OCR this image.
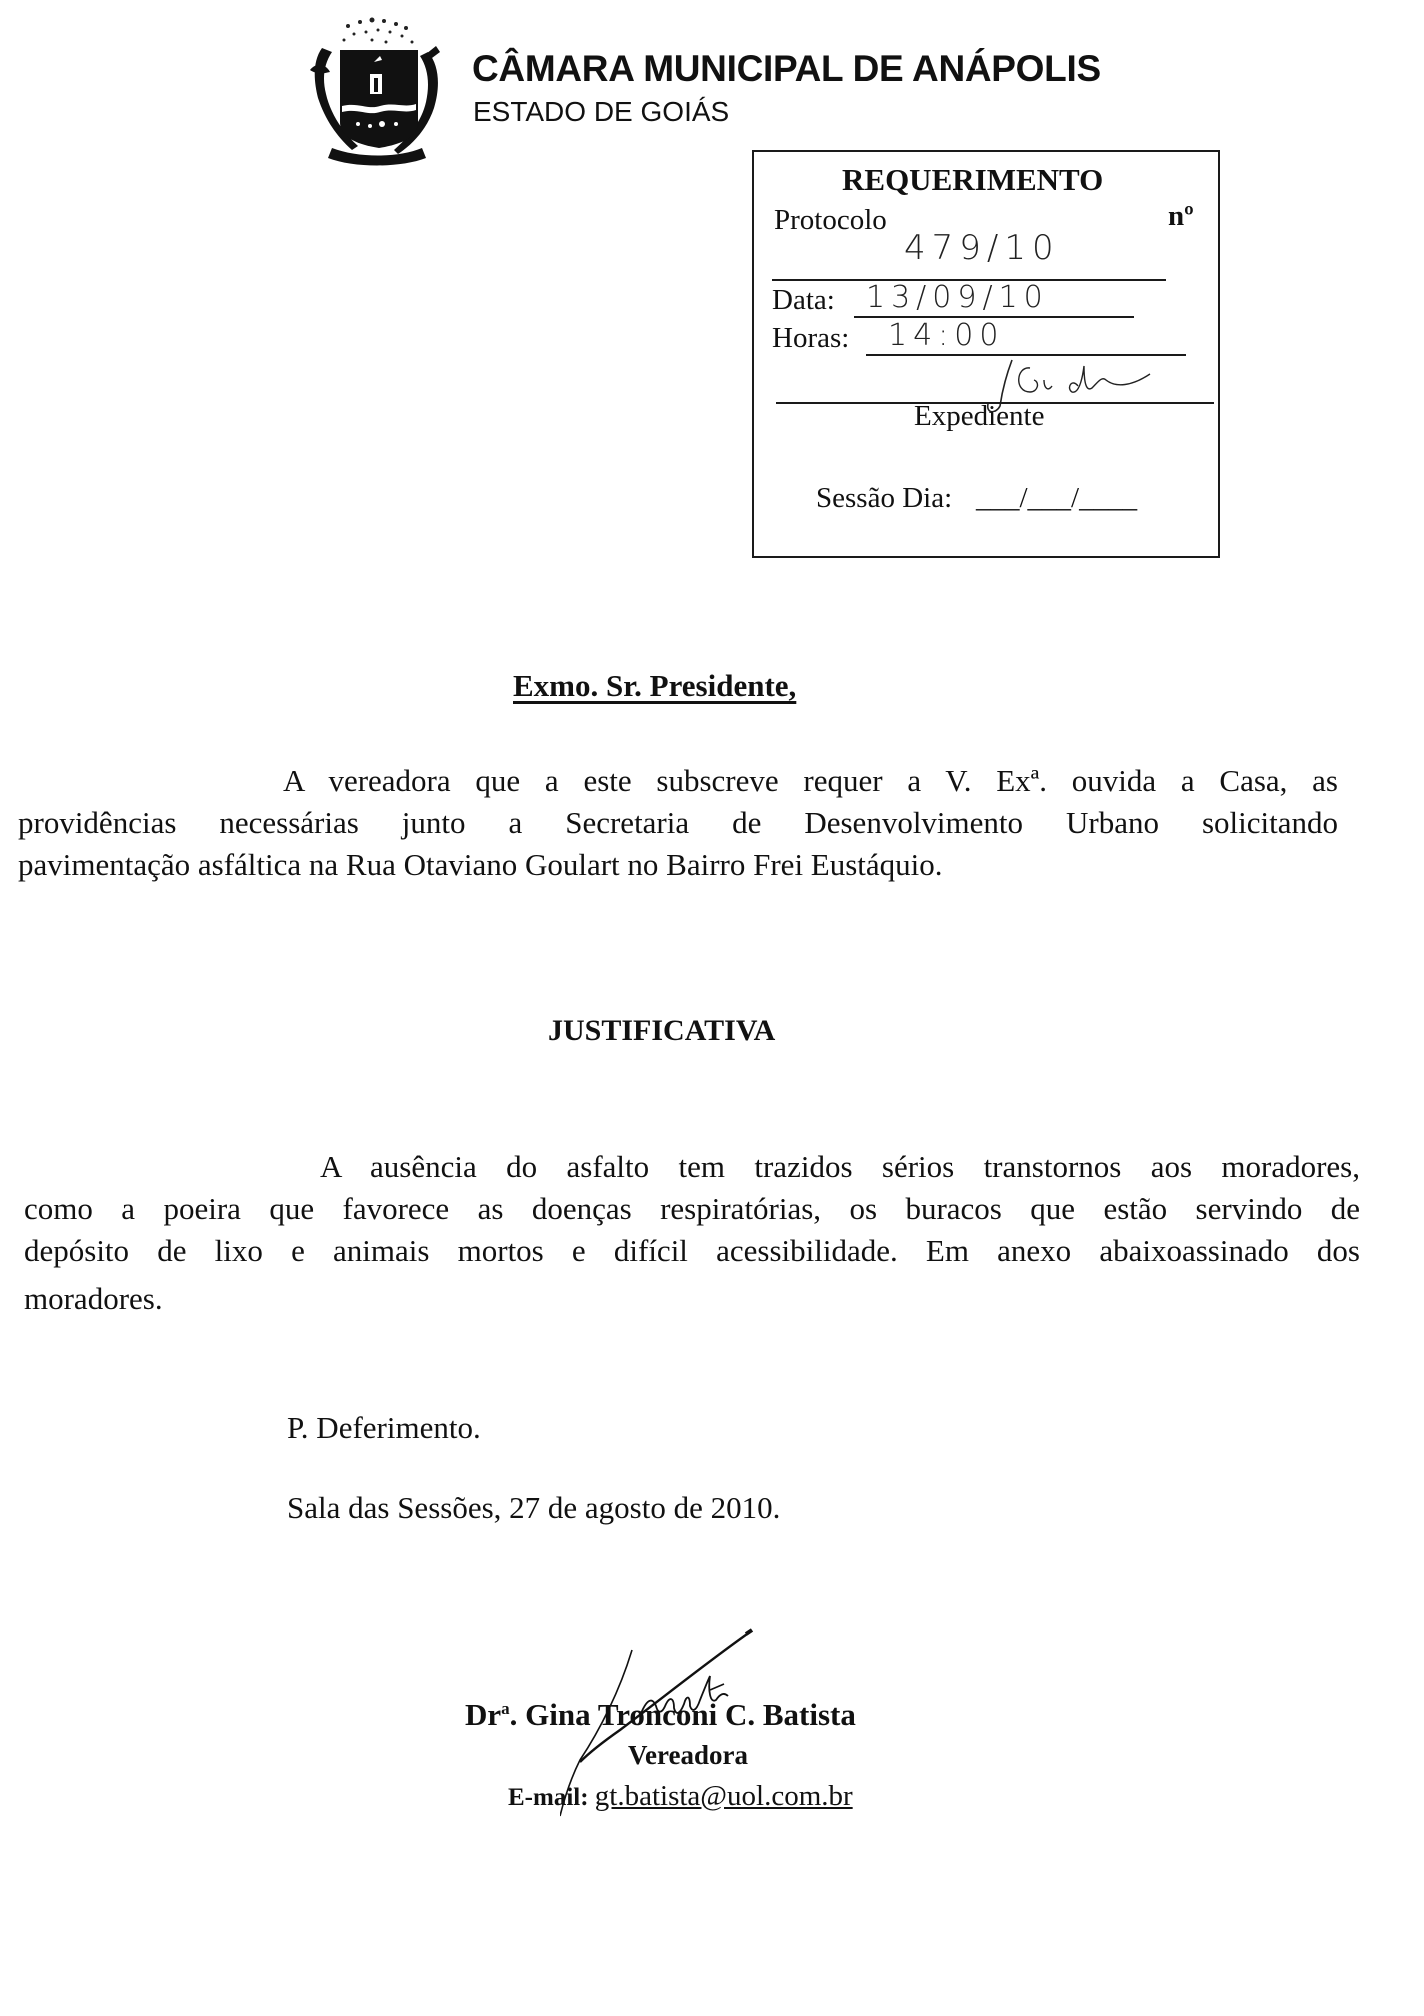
CÂMARA MUNICIPAL DE ANÁPOLIS
ESTADO DE GOIÁS
REQUERIMENTO
Protocolo	nº
479/10
Data: 13/09/10
Horas: 14:00
Expediente
Sessão Dia: ___/___/____
Exmo. Sr. Presidente,
A vereadora que a este subscreve requer a V. Exª. ouvida a Casa, as
providências necessárias junto a Secretaria de Desenvolvimento Urbano solicitando
pavimentação asfáltica na Rua Otaviano Goulart no Bairro Frei Eustáquio.
JUSTIFICATIVA
A ausência do asfalto tem trazidos sérios transtornos aos moradores,
como a poeira que favorece as doenças respiratórias, os buracos que estão servindo de
depósito de lixo e animais mortos e difícil acessibilidade. Em anexo abaixoassinado dos
moradores.
P. Deferimento.
Sala das Sessões, 27 de agosto de 2010.
Dr$^a$. Gina Tronconi C. Batista
Vereadora
E-mail: gt.batista@uol.com.br
